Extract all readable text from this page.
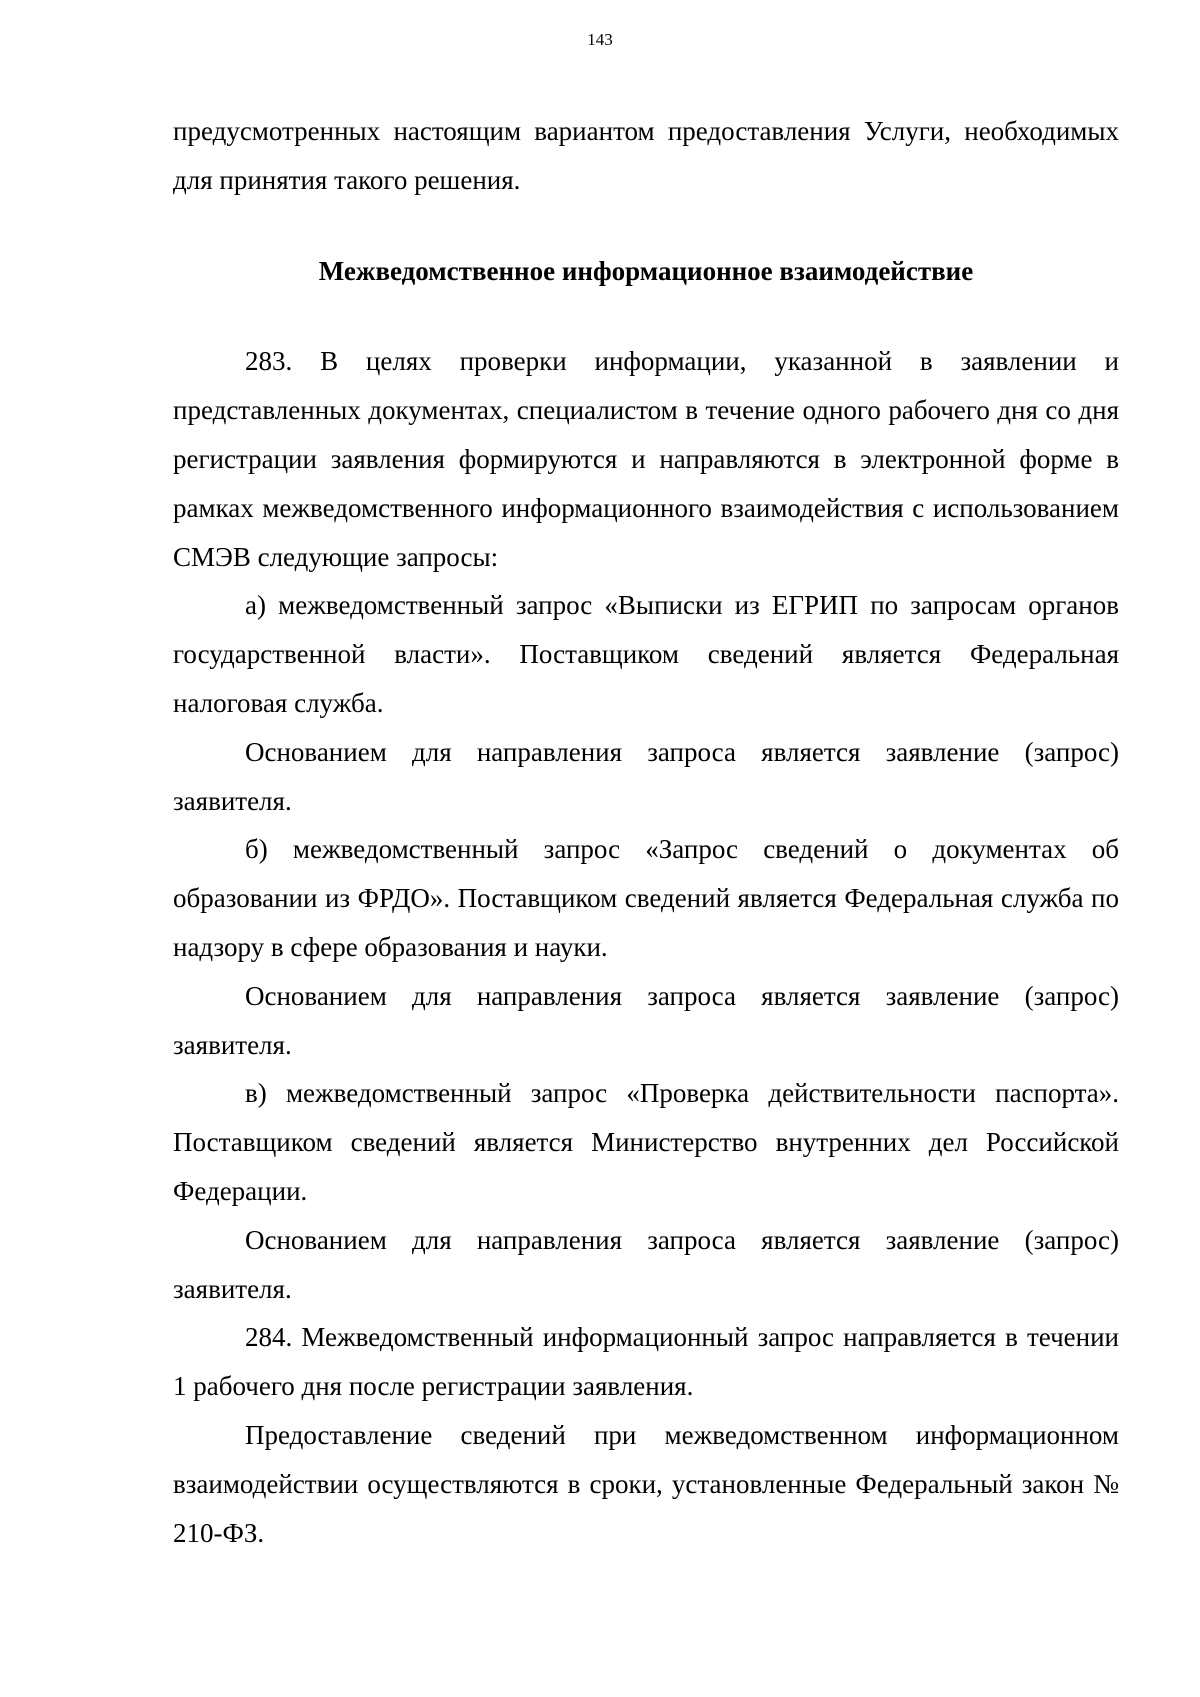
143

предусмотренных настоящим вариантом предоставления Услуги, необходимых для принятия такого решения.

Межведомственное информационное взаимодействие

283. В целях проверки информации, указанной в заявлении и представленных документах, специалистом в течение одного рабочего дня со дня регистрации заявления формируются и направляются в электронной форме в рамках межведомственного информационного взаимодействия с использованием СМЭВ следующие запросы:

а) межведомственный запрос «Выписки из ЕГРИП по запросам органов государственной власти». Поставщиком сведений является Федеральная налоговая служба.

Основанием для направления запроса является заявление (запрос) заявителя.

б) межведомственный запрос «Запрос сведений о документах об образовании из ФРДО». Поставщиком сведений является Федеральная служба по надзору в сфере образования и науки.

Основанием для направления запроса является заявление (запрос) заявителя.

в) межведомственный запрос «Проверка действительности паспорта». Поставщиком сведений является Министерство внутренних дел Российской Федерации.

Основанием для направления запроса является заявление (запрос) заявителя.

284. Межведомственный информационный запрос направляется в течении 1 рабочего дня после регистрации заявления.

Предоставление сведений при межведомственном информационном взаимодействии осуществляются в сроки, установленные Федеральный закон № 210-ФЗ.
